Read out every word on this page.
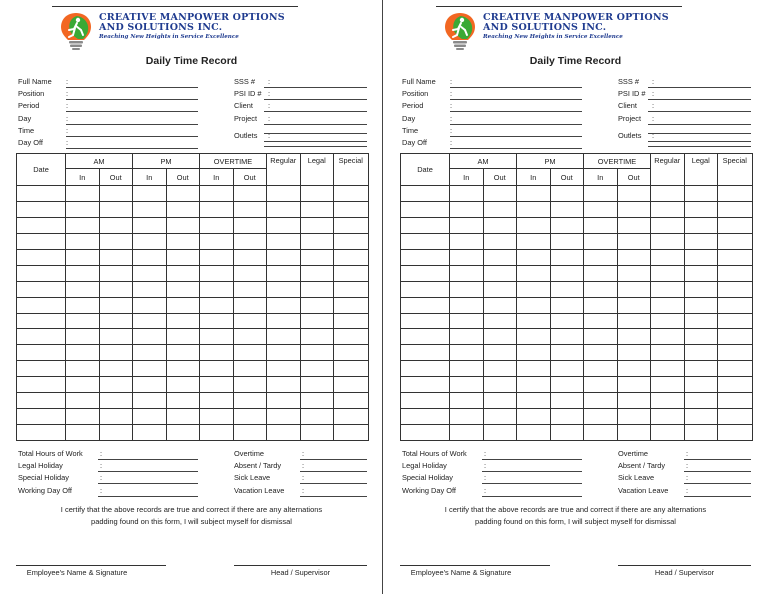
CREATIVE MANPOWER OPTIONS
AND SOLUTIONS INC.
Reaching New Heights in Service Excellence
Daily Time Record
Full Name :
Position	:
Period	:
Day	:
Time	:
Day Off	:
SSS # :
PSI ID # :
Client :
Project :
Outlets :
Date	AM		PM		OVERTIME		Regular	Legal	Special
	In	Out	In	Out	In	Out			

Total Hours of Work :
Legal Holiday	:
Special Holiday	:
Working Day Off	:
Overtime	:
Absent / Tardy	:
Sick Leave	:
Vacation Leave :
I certify that the above records are true and correct if there are any alternations
padding found on this form, I will subject myself for dismissal
Employee's Name & Signature	Head / Supervisor
CREATIVE MANPOWER OPTIONS
AND SOLUTIONS INC.
Reaching New Heights in Service Excellence
Daily Time Record
Full Name :
Position	:
Period	:
Day	:
Time	:
Day Off	:
SSS # :
PSI ID # :
Client :
Project :
Outlets :
Date	AM		PM		OVERTIME		Regular	Legal	Special
	In	Out	In	Out	In	Out			

Total Hours of Work :
Legal Holiday	:
Special Holiday	:
Working Day Off	:
Overtime	:
Absent / Tardy	:
Sick Leave	:
Vacation Leave :
I certify that the above records are true and correct if there are any alternations
padding found on this form, I will subject myself for dismissal
Employee's Name & Signature	Head / Supervisor
